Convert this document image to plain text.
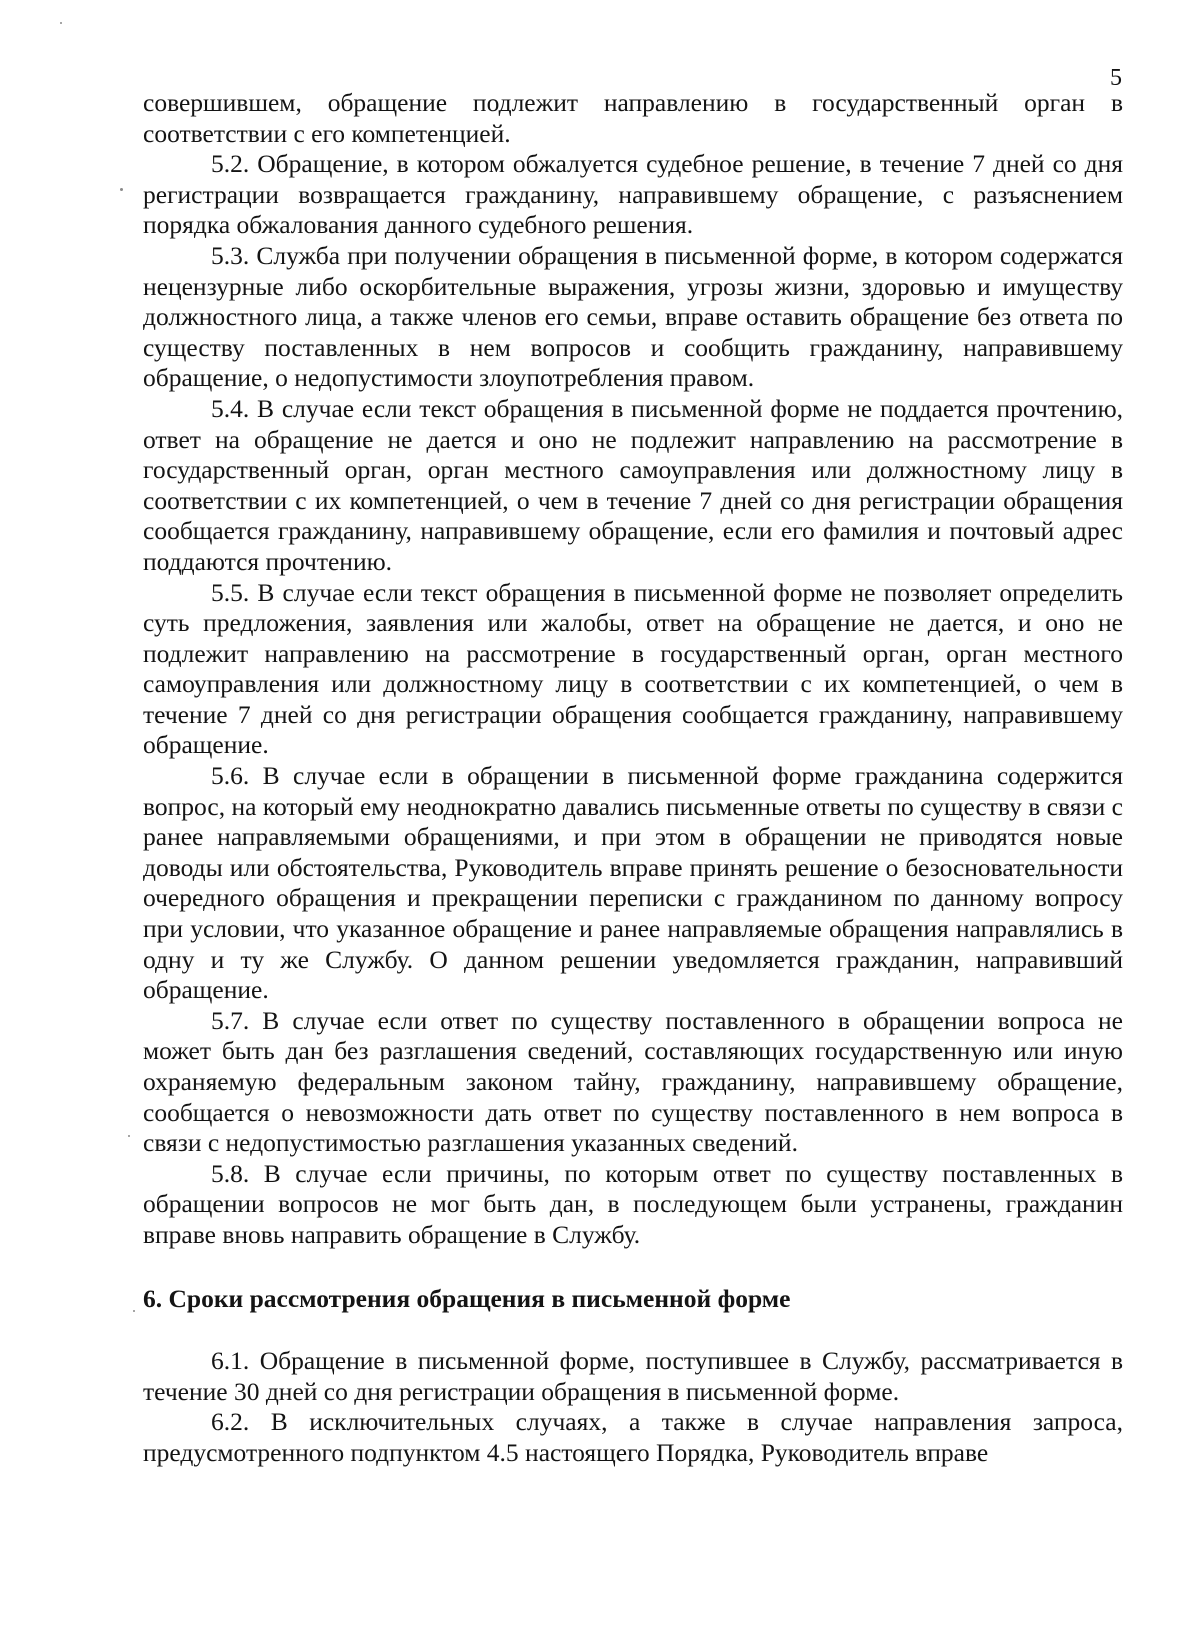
5

совершившем, обращение подлежит направлению в государственный орган в соответствии с его компетенцией.

5.2. Обращение, в котором обжалуется судебное решение, в течение 7 дней со дня регистрации возвращается гражданину, направившему обращение, с разъяснением порядка обжалования данного судебного решения.

5.3. Служба при получении обращения в письменной форме, в котором содержатся нецензурные либо оскорбительные выражения, угрозы жизни, здоровью и имуществу должностного лица, а также членов его семьи, вправе оставить обращение без ответа по существу поставленных в нем вопросов и сообщить гражданину, направившему обращение, о недопустимости злоупотребления правом.

5.4. В случае если текст обращения в письменной форме не поддается прочтению, ответ на обращение не дается и оно не подлежит направлению на рассмотрение в государственный орган, орган местного самоуправления или должностному лицу в соответствии с их компетенцией, о чем в течение 7 дней со дня регистрации обращения сообщается гражданину, направившему обращение, если его фамилия и почтовый адрес поддаются прочтению.

5.5. В случае если текст обращения в письменной форме не позволяет определить суть предложения, заявления или жалобы, ответ на обращение не дается, и оно не подлежит направлению на рассмотрение в государственный орган, орган местного самоуправления или должностному лицу в соответствии с их компетенцией, о чем в течение 7 дней со дня регистрации обращения сообщается гражданину, направившему обращение.

5.6. В случае если в обращении в письменной форме гражданина содержится вопрос, на который ему неоднократно давались письменные ответы по существу в связи с ранее направляемыми обращениями, и при этом в обращении не приводятся новые доводы или обстоятельства, Руководитель вправе принять решение о безосновательности очередного обращения и прекращении переписки с гражданином по данному вопросу при условии, что указанное обращение и ранее направляемые обращения направлялись в одну и ту же Службу. О данном решении уведомляется гражданин, направивший обращение.

5.7. В случае если ответ по существу поставленного в обращении вопроса не может быть дан без разглашения сведений, составляющих государственную или иную охраняемую федеральным законом тайну, гражданину, направившему обращение, сообщается о невозможности дать ответ по существу поставленного в нем вопроса в связи с недопустимостью разглашения указанных сведений.

5.8. В случае если причины, по которым ответ по существу поставленных в обращении вопросов не мог быть дан, в последующем были устранены, гражданин вправе вновь направить обращение в Службу.

6. Сроки рассмотрения обращения в письменной форме

6.1. Обращение в письменной форме, поступившее в Службу, рассматривается в течение 30 дней со дня регистрации обращения в письменной форме.

6.2. В исключительных случаях, а также в случае направления запроса, предусмотренного подпунктом 4.5 настоящего Порядка, Руководитель вправе
